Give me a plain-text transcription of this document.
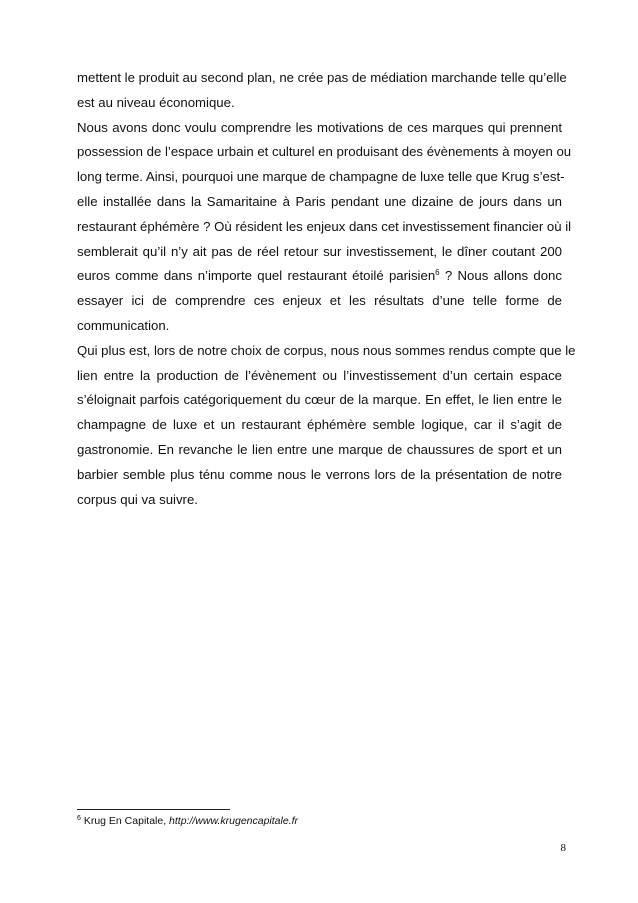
mettent le produit au second plan, ne crée pas de médiation marchande telle qu’elle
est au niveau économique.
Nous avons donc voulu comprendre les motivations de ces marques qui prennent
possession de l’espace urbain et culturel en produisant des évènements à moyen ou
long terme. Ainsi, pourquoi une marque de champagne de luxe telle que Krug s’est-
elle installée dans la Samaritaine à Paris pendant une dizaine de jours dans un
restaurant éphémère ? Où résident les enjeux dans cet investissement financier où il
semblerait qu’il n’y ait pas de réel retour sur investissement, le dîner coutant 200
euros comme dans n’importe quel restaurant étoilé parisien$^6$ ? Nous allons donc
essayer ici de comprendre ces enjeux et les résultats d’une telle forme de
communication.
Qui plus est, lors de notre choix de corpus, nous nous sommes rendus compte que le
lien entre la production de l’évènement ou l’investissement d’un certain espace
s’éloignait parfois catégoriquement du cœur de la marque. En effet, le lien entre le
champagne de luxe et un restaurant éphémère semble logique, car il s’agit de
gastronomie. En revanche le lien entre une marque de chaussures de sport et un
barbier semble plus ténu comme nous le verrons lors de la présentation de notre
corpus qui va suivre.
$^6$ Krug En Capitale, http://www.krugencapitale.fr
8
